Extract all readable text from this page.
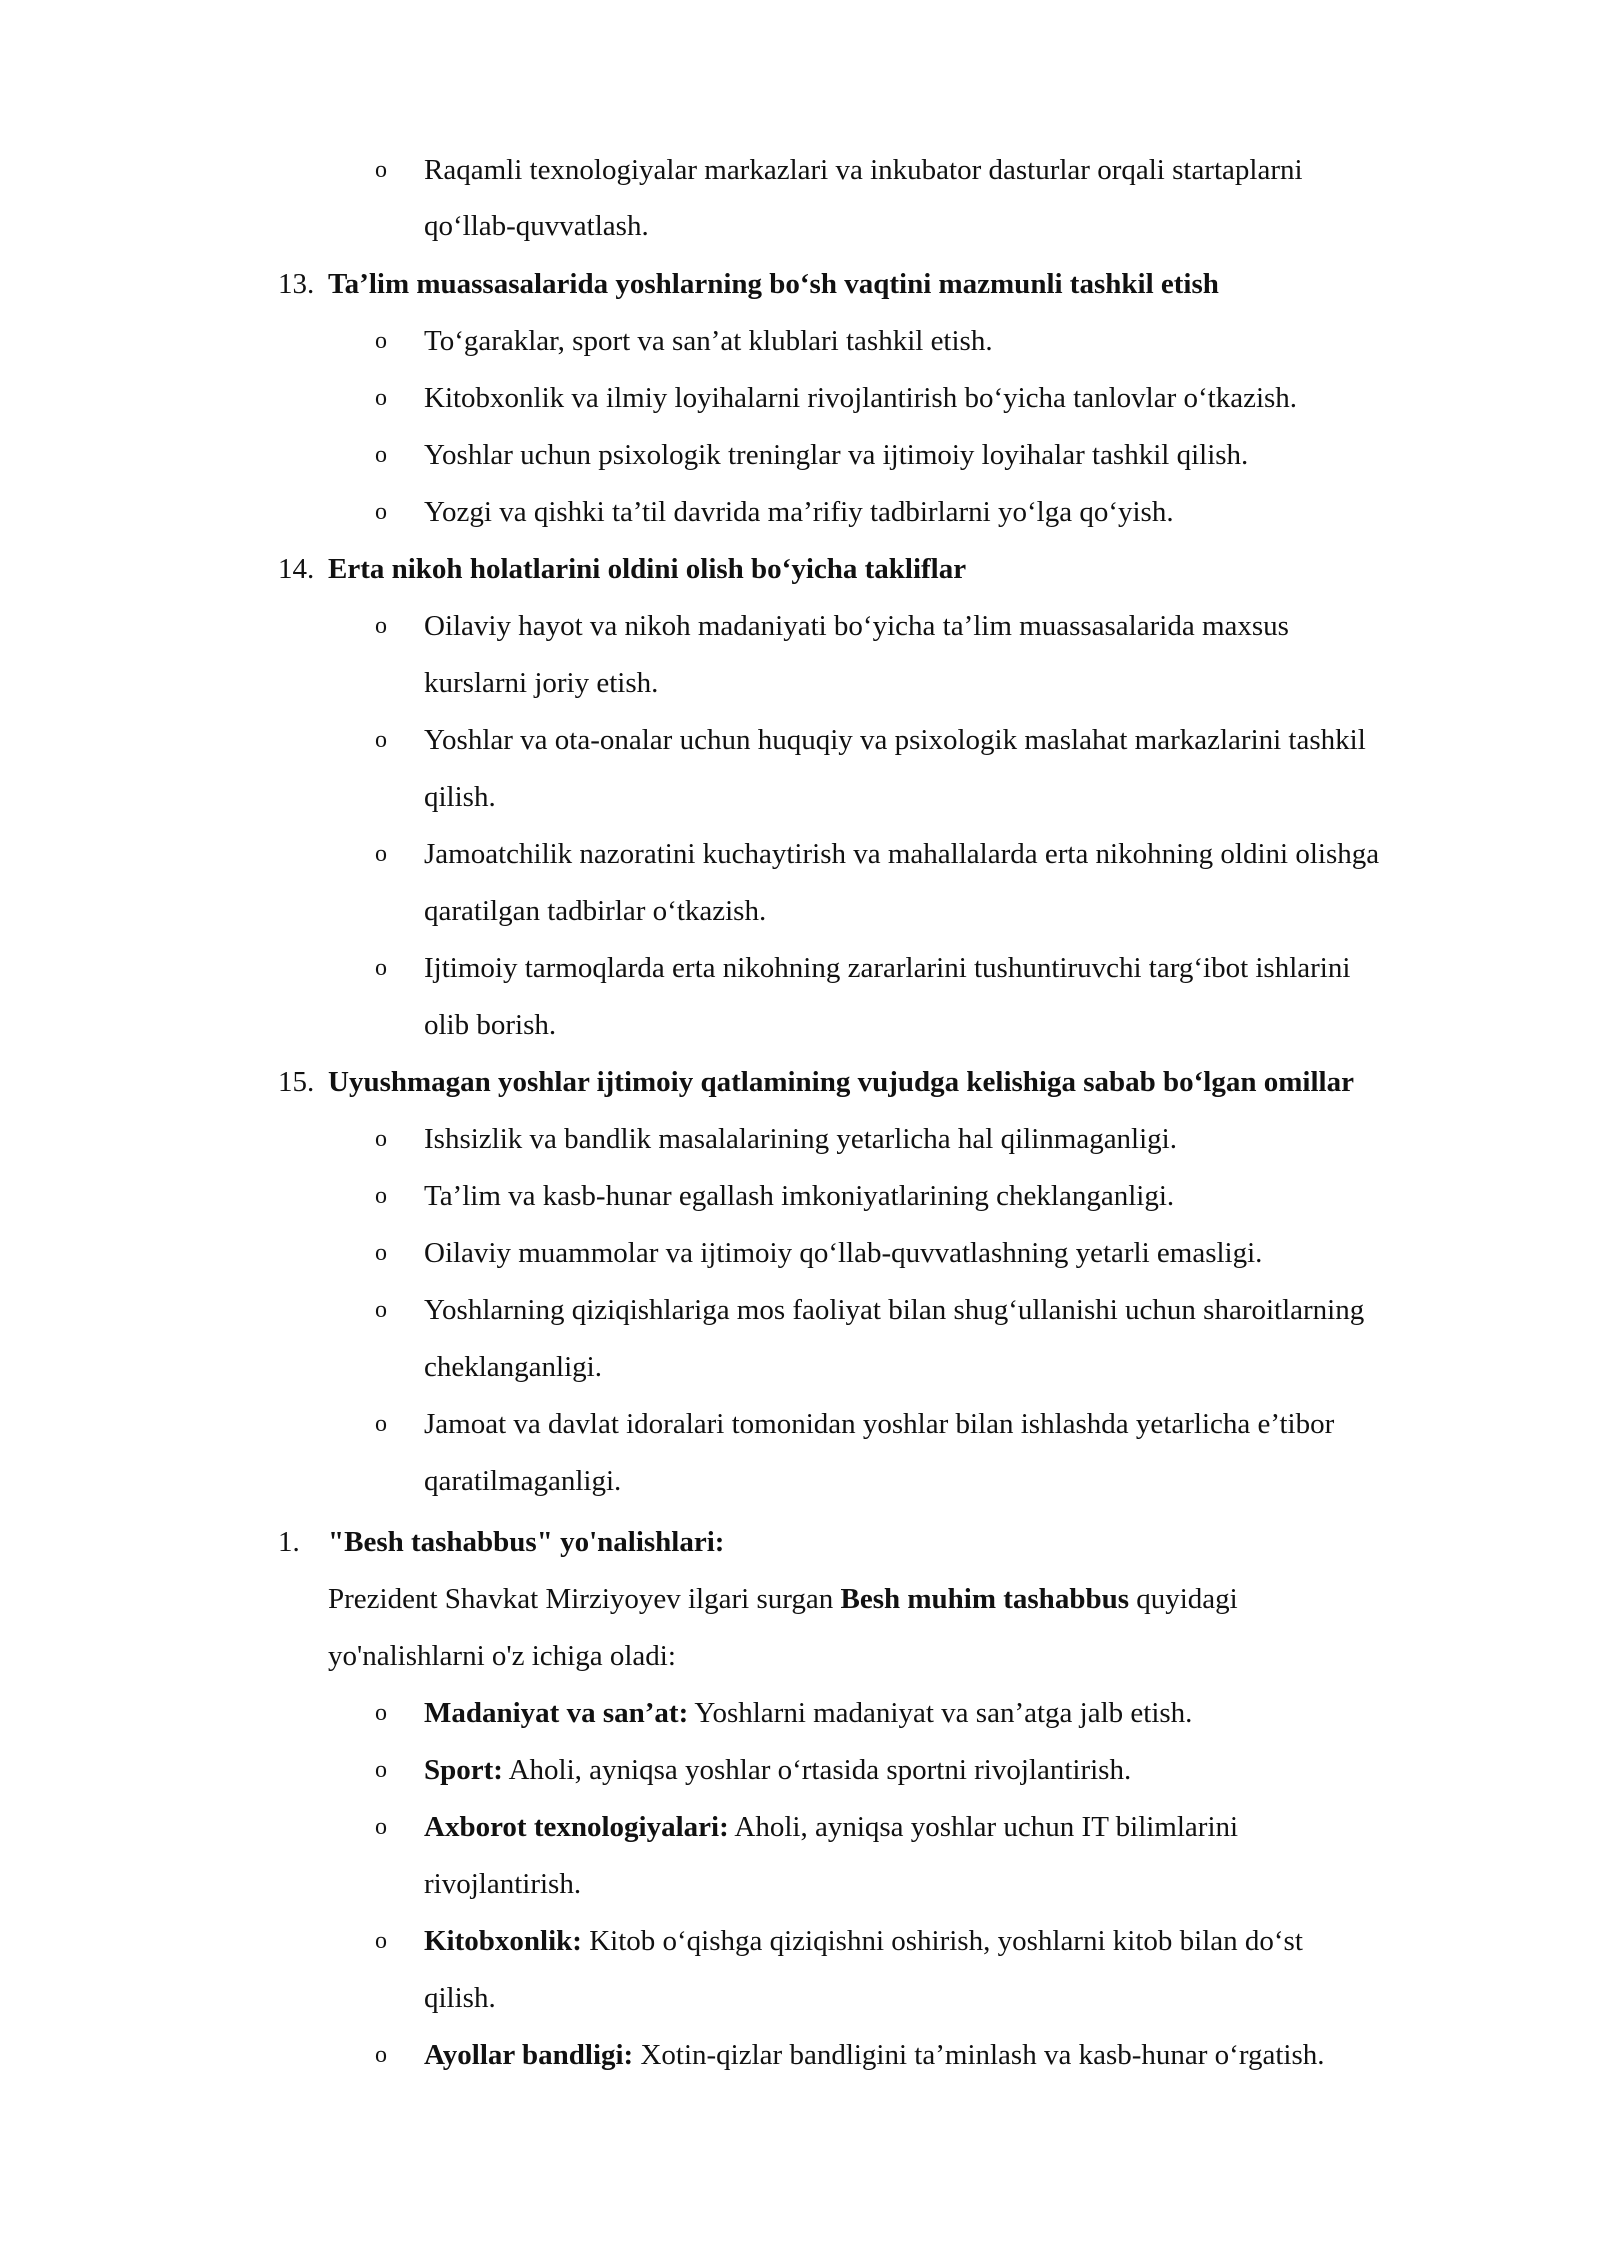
o Raqamli texnologiyalar markazlari va inkubator dasturlar orqali startaplarni
qo‘llab-quvvatlash.
13. Ta’lim muassasalarida yoshlarning bo‘sh vaqtini mazmunli tashkil etish
o To‘garaklar, sport va san’at klublari tashkil etish.
o Kitobxonlik va ilmiy loyihalarni rivojlantirish bo‘yicha tanlovlar o‘tkazish.
o Yoshlar uchun psixologik treninglar va ijtimoiy loyihalar tashkil qilish.
o Yozgi va qishki ta’til davrida ma’rifiy tadbirlarni yo‘lga qo‘yish.
14. Erta nikoh holatlarini oldini olish bo‘yicha takliflar
o Oilaviy hayot va nikoh madaniyati bo‘yicha ta’lim muassasalarida maxsus
kurslarni joriy etish.
o Yoshlar va ota-onalar uchun huquqiy va psixologik maslahat markazlarini tashkil
qilish.
o Jamoatchilik nazoratini kuchaytirish va mahallalarda erta nikohning oldini olishga
qaratilgan tadbirlar o‘tkazish.
o Ijtimoiy tarmoqlarda erta nikohning zararlarini tushuntiruvchi targ‘ibot ishlarini
olib borish.
15. Uyushmagan yoshlar ijtimoiy qatlamining vujudga kelishiga sabab bo‘lgan omillar
o Ishsizlik va bandlik masalalarining yetarlicha hal qilinmaganligi.
o Ta’lim va kasb-hunar egallash imkoniyatlarining cheklanganligi.
o Oilaviy muammolar va ijtimoiy qo‘llab-quvvatlashning yetarli emasligi.
o Yoshlarning qiziqishlariga mos faoliyat bilan shug‘ullanishi uchun sharoitlarning
cheklanganligi.
o Jamoat va davlat idoralari tomonidan yoshlar bilan ishlashda yetarlicha e’tibor
qaratilmaganligi.
1. "Besh tashabbus" yo'nalishlari:
Prezident Shavkat Mirziyoyev ilgari surgan Besh muhim tashabbus quyidagi
yo'nalishlarni o'z ichiga oladi:
o Madaniyat va san’at: Yoshlarni madaniyat va san’atga jalb etish.
o Sport: Aholi, ayniqsa yoshlar o‘rtasida sportni rivojlantirish.
o Axborot texnologiyalari: Aholi, ayniqsa yoshlar uchun IT bilimlarini
rivojlantirish.
o Kitobxonlik: Kitob o‘qishga qiziqishni oshirish, yoshlarni kitob bilan do‘st
qilish.
o Ayollar bandligi: Xotin-qizlar bandligini ta’minlash va kasb-hunar o‘rgatish.
